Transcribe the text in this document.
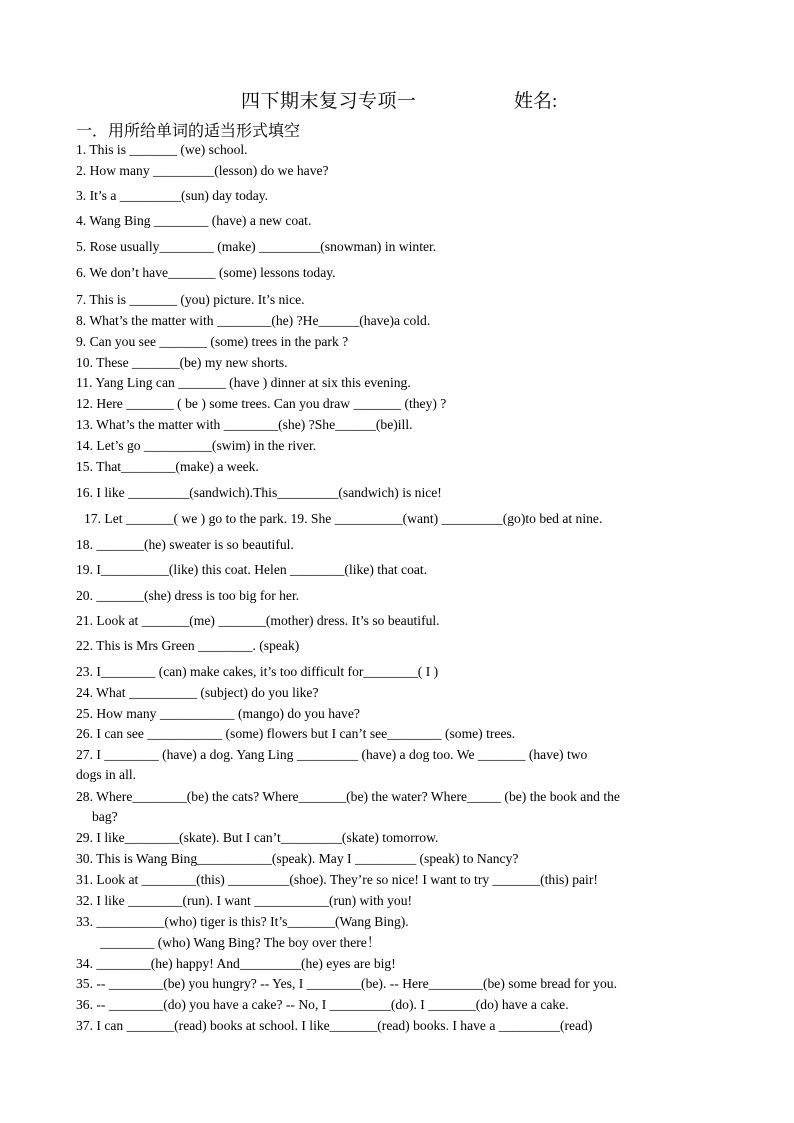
四下期末复习专项一	姓名:
一．用所给单词的适当形式填空
1. This is _______ (we) school.
2. How many _________(lesson) do we have?
3. It’s a _________(sun) day today.
4. Wang Bing ________ (have) a new coat.
5. Rose usually________ (make) _________(snowman) in winter.
6. We don’t have_______ (some) lessons today.
7. This is _______ (you) picture. It’s nice.
8. What’s the matter with ________(he) ?He______(have)a cold.
9. Can you see _______ (some) trees in the park ?
10. These _______(be) my new shorts.
11. Yang Ling can _______ (have ) dinner at six this evening.
12. Here _______ ( be ) some trees. Can you draw _______ (they) ?
13. What’s the matter with ________(she) ?She______(be)ill.
14. Let’s go __________(swim) in the river.
15. That________(make) a week.
16. I like _________(sandwich).This_________(sandwich) is nice!
17. Let _______( we ) go to the park. 19. She __________(want) _________(go)to bed at nine.
18. _______(he) sweater is so beautiful.
19. I__________(like) this coat. Helen ________(like) that coat.
20. _______(she) dress is too big for her.
21. Look at _______(me) _______(mother) dress. It’s so beautiful.
22. This is Mrs Green ________. (speak)
23. I________ (can) make cakes, it’s too difficult for________( I )
24. What __________ (subject) do you like?
25. How many ___________ (mango) do you have?
26. I can see ___________ (some) flowers but I can’t see________ (some) trees.
27. I ________ (have) a dog. Yang Ling _________ (have) a dog too. We _______ (have) two
dogs in all.
28. Where________(be) the cats? Where_______(be) the water? Where_____ (be) the book and the
bag?
29. I like________(skate). But I can’t_________(skate) tomorrow.
30. This is Wang Bing___________(speak). May I _________ (speak) to Nancy?
31. Look at ________(this) _________(shoe). They’re so nice! I want to try _______(this) pair!
32. I like ________(run). I want ___________(run) with you!
33. __________(who) tiger is this? It’s_______(Wang Bing).
________ (who) Wang Bing? The boy over there！
34. ________(he) happy! And_________(he) eyes are big!
35. -- ________(be) you hungry? -- Yes, I ________(be). -- Here________(be) some bread for you.
36. -- ________(do) you have a cake? -- No, I _________(do). I _______(do) have a cake.
37. I can _______(read) books at school. I like_______(read) books. I have a _________(read)
